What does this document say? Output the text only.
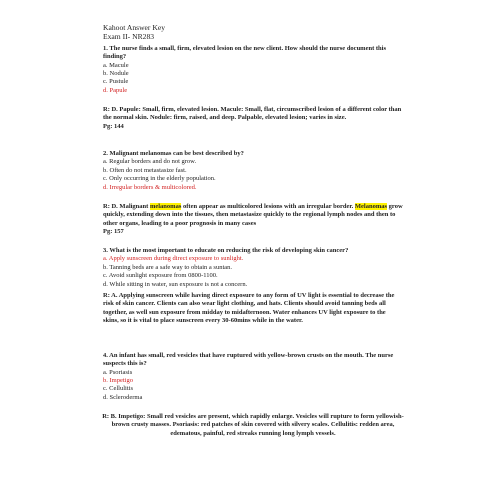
Kahoot Answer Key
Exam II- NR283

1. The nurse finds a small, firm, elevated lesion on the new client. How should the nurse document this finding?

a. Macule
b. Nodule
c. Pustule
d. Papule
R: D. Papule: Small, firm, elevated lesion. Macule: Small, flat, circumscribed lesion of a different color than the normal skin. Nodule: firm, raised, and deep. Palpable, elevated lesion; varies in size.
Pg: 144

2. Malignant melanomas can be best described by?

a. Regular borders and do not grow.
b. Often do not metastasize fast.
c. Only occurring in the elderly population.
d. Irregular borders & multicolored.
R: D. Malignant melanomas often appear as multicolored lesions with an irregular border. Melanomas grow quickly, extending down into the tissues, then metastasize quickly to the regional lymph nodes and then to other organs, leading to a poor prognosis in many cases
Pg: 157

3. What is the most important to educate on reducing the risk of developing skin cancer?

a. Apply sunscreen during direct exposure to sunlight.
b. Tanning beds are a safe way to obtain a suntan.
c. Avoid sunlight exposure from 0800-1100.
d. While sitting in water, sun exposure is not a concern.
R: A. Applying sunscreen while having direct exposure to any form of UV light is essential to decrease the risk of skin cancer. Clients can also wear light clothing, and hats. Clients should avoid tanning beds all together, as well sun exposure from midday to midafternoon. Water enhances UV light exposure to the skins, so it is vital to place sunscreen every 30-60mins while in the water.

4. An infant has small, red vesicles that have ruptured with yellow-brown crusts on the mouth. The nurse suspects this is?

a. Psoriasis
b. Impetigo
c. Cellulitis
d. Scleroderma
R: B. Impetigo: Small red vesicles are present, which rapidly enlarge. Vesicles will rupture to form yellowish-brown crusty masses. Psoriasis: red patches of skin covered with silvery scales. Cellulitis: redden area, edematous, painful, red streaks running long lymph vessels.
